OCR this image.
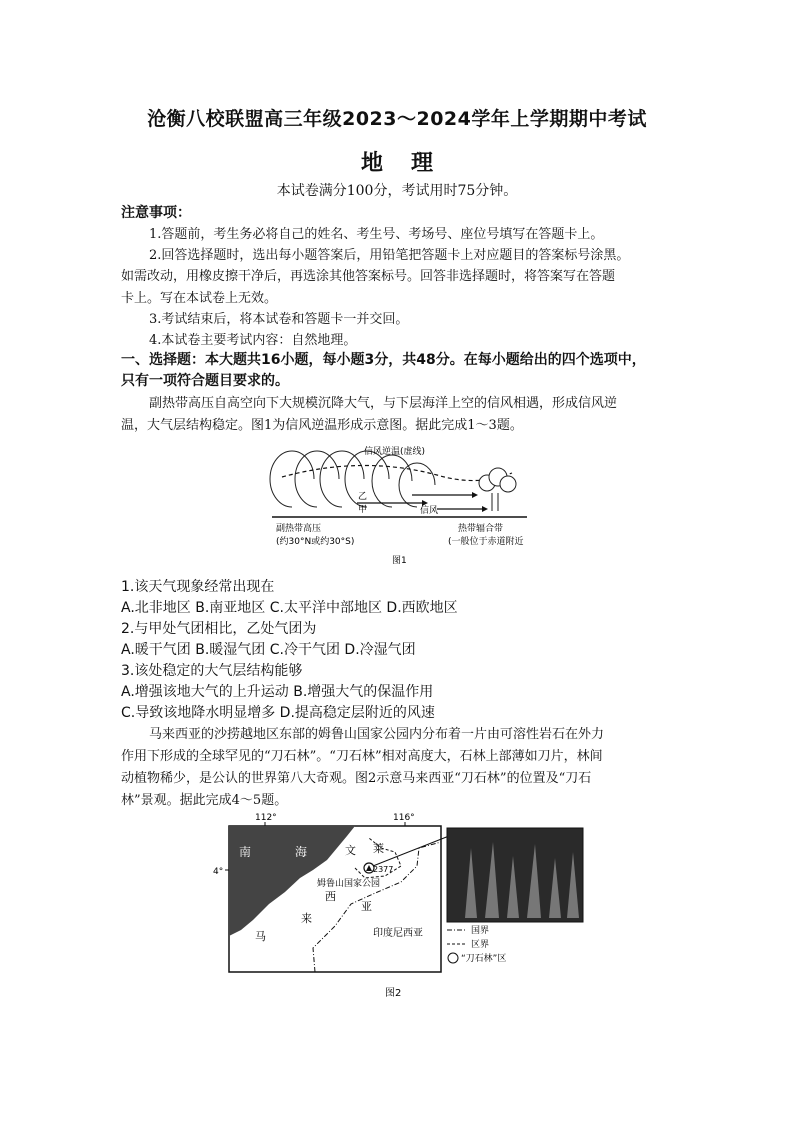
沧衡八校联盟高三年级2023～2024学年上学期期中考试
地理
本试卷满分100分，考试用时75分钟。
注意事项：
1.答题前，考生务必将自己的姓名、考生号、考场号、座位号填写在答题卡上。
2.回答选择题时，选出每小题答案后，用铅笔把答题卡上对应题目的答案标号涂黑。
如需改动，用橡皮擦干净后，再选涂其他答案标号。回答非选择题时，将答案写在答题
卡上。写在本试卷上无效。
3.考试结束后，将本试卷和答题卡一并交回。
4.本试卷主要考试内容：自然地理。
一、选择题：本大题共16小题，每小题3分，共48分。在每小题给出的四个选项中，
只有一项符合题目要求的。
副热带高压自高空向下大规模沉降大气，与下层海洋上空的信风相遇，形成信风逆
温，大气层结构稳定。图1为信风逆温形成示意图。据此完成1～3题。
信风逆温(虚线)
乙
甲	信风
副热带高压
(约30°N或约30°S)
热带辐合带
(一般位于赤道附近
图1
1.该天气现象经常出现在
A.北非地区 B.南亚地区 C.太平洋中部地区 D.西欧地区
2.与甲处气团相比，乙处气团为
A.暖干气团 B.暖湿气团 C.冷干气团 D.冷湿气团
3.该处稳定的大气层结构能够
A.增强该地大气的上升运动 B.增强大气的保温作用
C.导致该地降水明显增多 D.提高稳定层附近的风速
马来西亚的沙捞越地区东部的姆鲁山国家公园内分布着一片由可溶性岩石在外力
作用下形成的全球罕见的“刀石林”。“刀石林”相对高度大，石林上部薄如刀片，林间
动植物稀少，是公认的世界第八大奇观。图2示意马来西亚“刀石林”的位置及“刀石
林”景观。据此完成4～5题。
112°	116°
4°
南	海	文 莱
2377
姆鲁山国家公园
马
来
西
亚
印度尼西亚	国界
区界
“刀石林”区
图2
